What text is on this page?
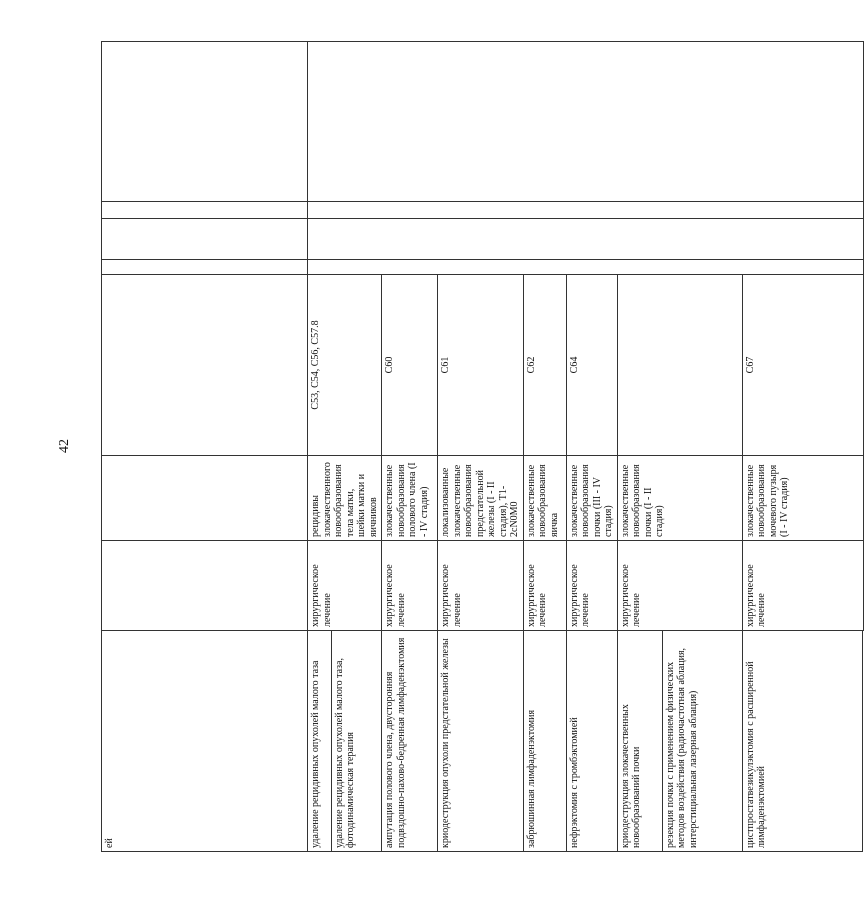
42
ей							
удаление рецидивных опухолей малого таза	хирургическое лечение	рецидивы злокачественного новообразования тела матки, шейки матки и яичников	С53, С54, С56, С57.8				
удаление рецидивных опухолей малого таза, фотодинамическая терапия							
ампутация полового члена, двусторонняя подвздошно-пахово-бедренная лимфаденэктомия	хирургическое лечение	злокачественные новообразования полового члена (I - IV стадия)	С60				
криодеструкция опухоли предстательной железы	хирургическое лечение	локализованные злокачественные новообразования предстательной железы (I - II стадия), Т1-2сN0M0	С61				
забрюшинная лимфаденэктомия	хирургическое лечение	злокачественные новообразования яичка	С62				
нефрэктомия с тромбэктомией	хирургическое лечение	злокачественные новообразования почки (III - IV стадия)	С64				
криодеструкция злокачественных новообразований почки	хирургическое лечение	злокачественные новообразования почки (I - II стадия)					
резекция почки с применением физических методов воздействия (радиочастотная аблация, интерстициальная лазерная аблация)							
цистпростатвезикулэктомия с расширенной лимфаденэктомией	хирургическое лечение	злокачественные новообразования мочевого пузыря (I - IV стадия)	С67				
